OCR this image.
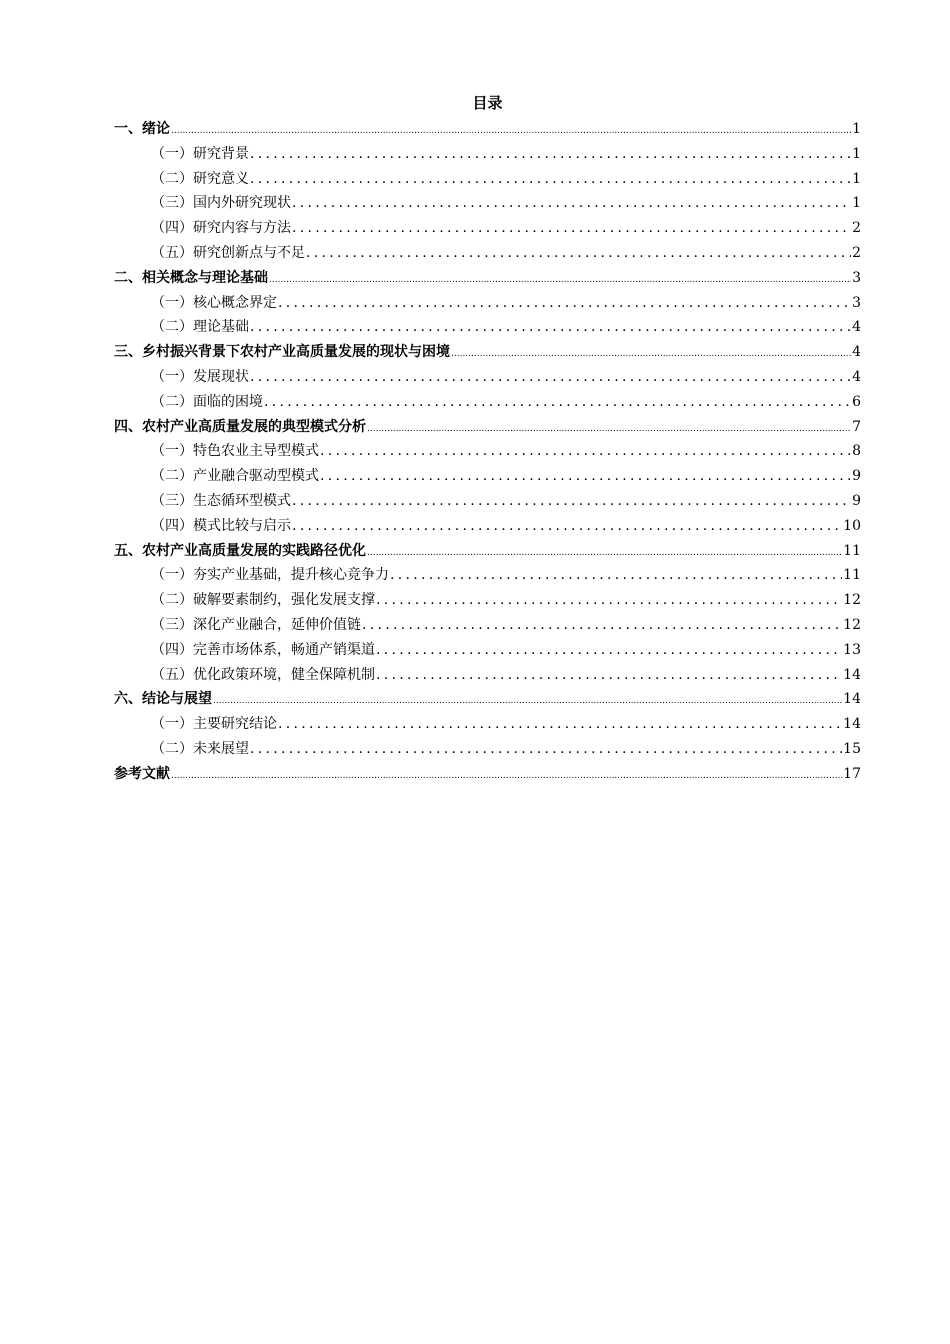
目录
一、绪论 .....	1
（一）研究背景 .....	1
（二）研究意义 .....	1
（三）国内外研究现状 .....	1
（四）研究内容与方法 .....	2
（五）研究创新点与不足 .....	2
二、相关概念与理论基础 .....	3
（一）核心概念界定 .....	3
（二）理论基础 .....	4
三、乡村振兴背景下农村产业高质量发展的现状与困境 .....	4
（一）发展现状 .....	4
（二）面临的困境 .....	6
四、农村产业高质量发展的典型模式分析 .....	7
（一）特色农业主导型模式 .....	8
（二）产业融合驱动型模式 .....	9
（三）生态循环型模式 .....	9
（四）模式比较与启示 .....	10
五、农村产业高质量发展的实践路径优化 .....	11
（一）夯实产业基础，提升核心竞争力 .....	11
（二）破解要素制约，强化发展支撑 .....	12
（三）深化产业融合，延伸价值链 .....	12
（四）完善市场体系，畅通产销渠道 .....	13
（五）优化政策环境，健全保障机制 .....	14
六、结论与展望 .....	14
（一）主要研究结论 .....	14
（二）未来展望 .....	15
参考文献 .....	17
